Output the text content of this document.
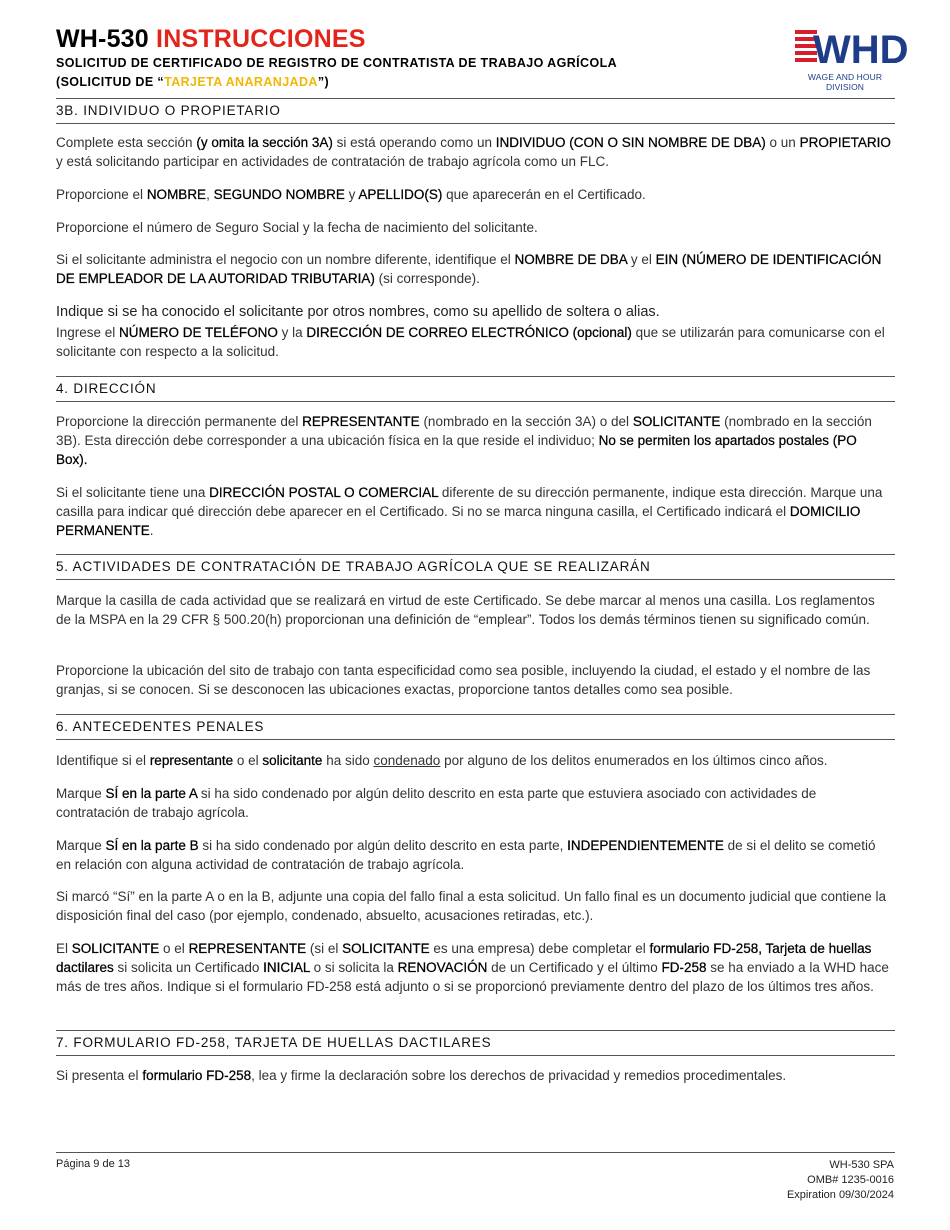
WH-530 INSTRUCCIONES
SOLICITUD DE CERTIFICADO DE REGISTRO DE CONTRATISTA DE TRABAJO AGRÍCOLA
(SOLICITUD DE “TARJETA ANARANJADA”)
WHD
WAGE AND HOUR DIVISION
3B. INDIVIDUO O PROPIETARIO

Complete esta sección (y omita la sección 3A) si está operando como un INDIVIDUO (CON O SIN NOMBRE DE DBA) o un PROPIETARIO y está solicitando participar en actividades de contratación de trabajo agrícola como un FLC.

Proporcione el NOMBRE, SEGUNDO NOMBRE y APELLIDO(S) que aparecerán en el Certificado.

Proporcione el número de Seguro Social y la fecha de nacimiento del solicitante.

Si el solicitante administra el negocio con un nombre diferente, identifique el NOMBRE DE DBA y el EIN (NÚMERO DE IDENTIFICACIÓN DE EMPLEADOR DE LA AUTORIDAD TRIBUTARIA) (si corresponde).

Indique si se ha conocido el solicitante por otros nombres, como su apellido de soltera o alias.

Ingrese el NÚMERO DE TELÉFONO y la DIRECCIÓN DE CORREO ELECTRÓNICO (opcional) que se utilizarán para comunicarse con el solicitante con respecto a la solicitud.

4. DIRECCIÓN

Proporcione la dirección permanente del REPRESENTANTE (nombrado en la sección 3A) o del SOLICITANTE (nombrado en la sección 3B). Esta dirección debe corresponder a una ubicación física en la que reside el individuo; No se permiten los apartados postales (PO Box).

Si el solicitante tiene una DIRECCIÓN POSTAL O COMERCIAL diferente de su dirección permanente, indique esta dirección. Marque una casilla para indicar qué dirección debe aparecer en el Certificado. Si no se marca ninguna casilla, el Certificado indicará el DOMICILIO PERMANENTE.

5. ACTIVIDADES DE CONTRATACIÓN DE TRABAJO AGRÍCOLA QUE SE REALIZARÁN

Marque la casilla de cada actividad que se realizará en virtud de este Certificado. Se debe marcar al menos una casilla. Los reglamentos de la MSPA en la 29 CFR § 500.20(h) proporcionan una definición de “emplear”. Todos los demás términos tienen su significado común.

Proporcione la ubicación del sito de trabajo con tanta especificidad como sea posible, incluyendo la ciudad, el estado y el nombre de las granjas, si se conocen. Si se desconocen las ubicaciones exactas, proporcione tantos detalles como sea posible.

6. ANTECEDENTES PENALES

Identifique si el representante o el solicitante ha sido condenado por alguno de los delitos enumerados en los últimos cinco años.

Marque SÍ en la parte A si ha sido condenado por algún delito descrito en esta parte que estuviera asociado con actividades de contratación de trabajo agrícola.

Marque SÍ en la parte B si ha sido condenado por algún delito descrito en esta parte, INDEPENDIENTEMENTE de si el delito se cometió en relación con alguna actividad de contratación de trabajo agrícola.

Si marcó “Sí” en la parte A o en la B, adjunte una copia del fallo final a esta solicitud. Un fallo final es un documento judicial que contiene la disposición final del caso (por ejemplo, condenado, absuelto, acusaciones retiradas, etc.).

El SOLICITANTE o el REPRESENTANTE (si el SOLICITANTE es una empresa) debe completar el formulario FD-258, Tarjeta de huellas dactilares si solicita un Certificado INICIAL o si solicita la RENOVACIÓN de un Certificado y el último FD-258 se ha enviado a la WHD hace más de tres años. Indique si el formulario FD-258 está adjunto o si se proporcionó previamente dentro del plazo de los últimos tres años.

7. FORMULARIO FD-258, TARJETA DE HUELLAS DACTILARES

Si presenta el formulario FD-258, lea y firme la declaración sobre los derechos de privacidad y remedios procedimentales.

Página 9 de 13	WH-530 SPA
OMB# 1235-0016
Expiration 09/30/2024
